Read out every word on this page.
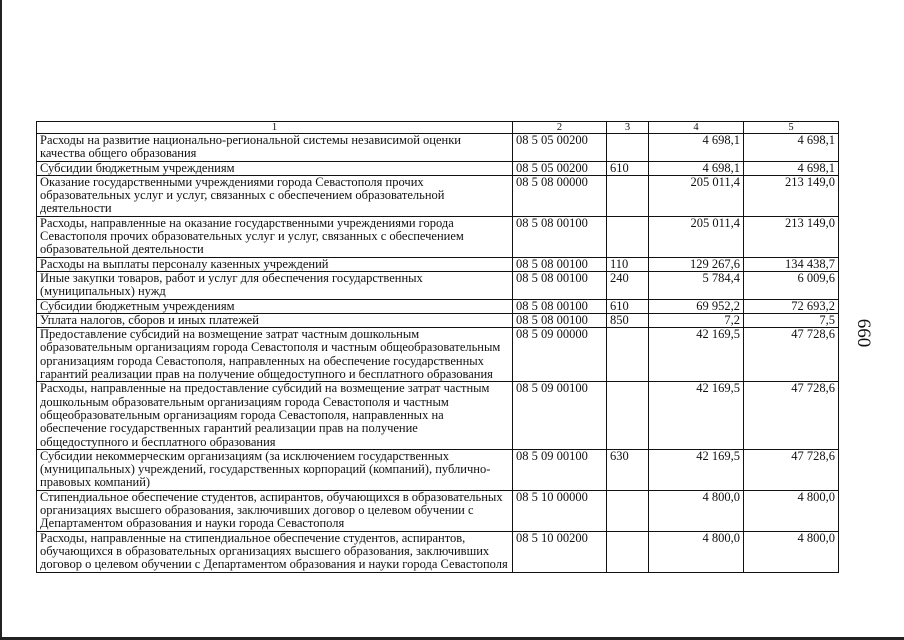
1	2	3	4	5
Расходы на развитие национально-региональной системы независимой оценки качества общего образования	08 5 05 00200		4 698,1	4 698,1
Субсидии бюджетным учреждениям	08 5 05 00200	610	4 698,1	4 698,1
Оказание государственными учреждениями города Севастополя прочих образовательных услуг и услуг, связанных с обеспечением образовательной деятельности	08 5 08 00000		205 011,4	213 149,0
Расходы, направленные на оказание государственными учреждениями города Севастополя прочих образовательных услуг и услуг, связанных с обеспечением образовательной деятельности	08 5 08 00100		205 011,4	213 149,0
Расходы на выплаты персоналу казенных учреждений	08 5 08 00100	110	129 267,6	134 438,7
Иные закупки товаров, работ и услуг для обеспечения государственных (муниципальных) нужд	08 5 08 00100	240	5 784,4	6 009,6
Субсидии бюджетным учреждениям	08 5 08 00100	610	69 952,2	72 693,2
Уплата налогов, сборов и иных платежей	08 5 08 00100	850	7,2	7,5
Предоставление субсидий на возмещение затрат частным дошкольным образовательным организациям города Севастополя и частным общеобразовательным организациям города Севастополя, направленных на обеспечение государственных гарантий реализации прав на получение общедоступного и бесплатного образования	08 5 09 00000		42 169,5	47 728,6
Расходы, направленные на предоставление субсидий на возмещение затрат частным дошкольным образовательным организациям города Севастополя и частным общеобразовательным организациям города Севастополя, направленных на обеспечение государственных гарантий реализации прав на получение общедоступного и бесплатного образования	08 5 09 00100		42 169,5	47 728,6
Субсидии некоммерческим организациям (за исключением государственных (муниципальных) учреждений, государственных корпораций (компаний), публично-правовых компаний)	08 5 09 00100	630	42 169,5	47 728,6
Стипендиальное обеспечение студентов, аспирантов, обучающихся в образовательных организациях высшего образования, заключивших договор о целевом обучении с Департаментом образования и науки города Севастополя	08 5 10 00000		4 800,0	4 800,0
Расходы, направленные на стипендиальное обеспечение студентов, аспирантов, обучающихся в образовательных организациях высшего образования, заключивших договор о целевом обучении с Департаментом образования и науки города Севастополя	08 5 10 00200		4 800,0	4 800,0
660
